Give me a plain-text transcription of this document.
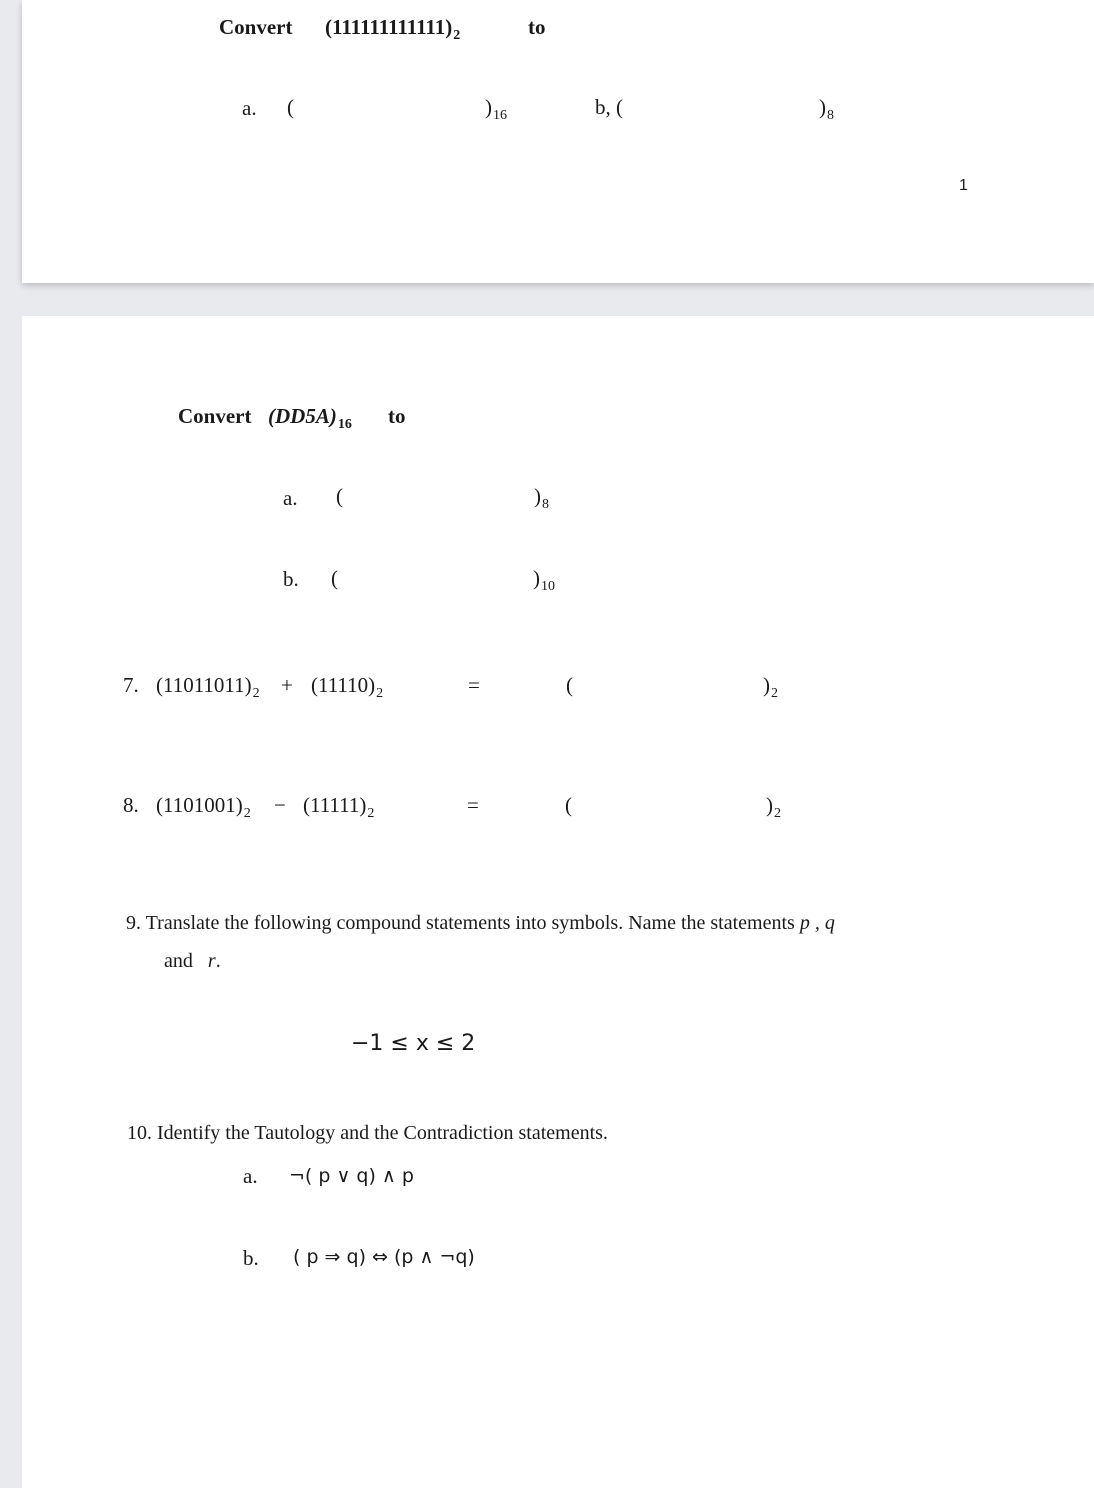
Convert $(111111111111)_2$	to
a. (	)$_{16}$	b, (	)$_8$
1
Convert $(DD5A)_{16}$ to
a. (	)$_8$
b. (	)$_{10}$
7. $(11011011)_2 + (11110)_2$	=	(	)$_2$
8. $(1101001)_2 - (11111)_2$	=	(	)$_2$
9. Translate the following compound statements into symbols. Name the statements p , q
and r.
−1 ≤ x ≤ 2
10. Identify the Tautology and the Contradiction statements.
a. ¬( p ∨ q) ∧ p
b. ( p ⇒ q) ⇔ (p ∧ ¬q)
